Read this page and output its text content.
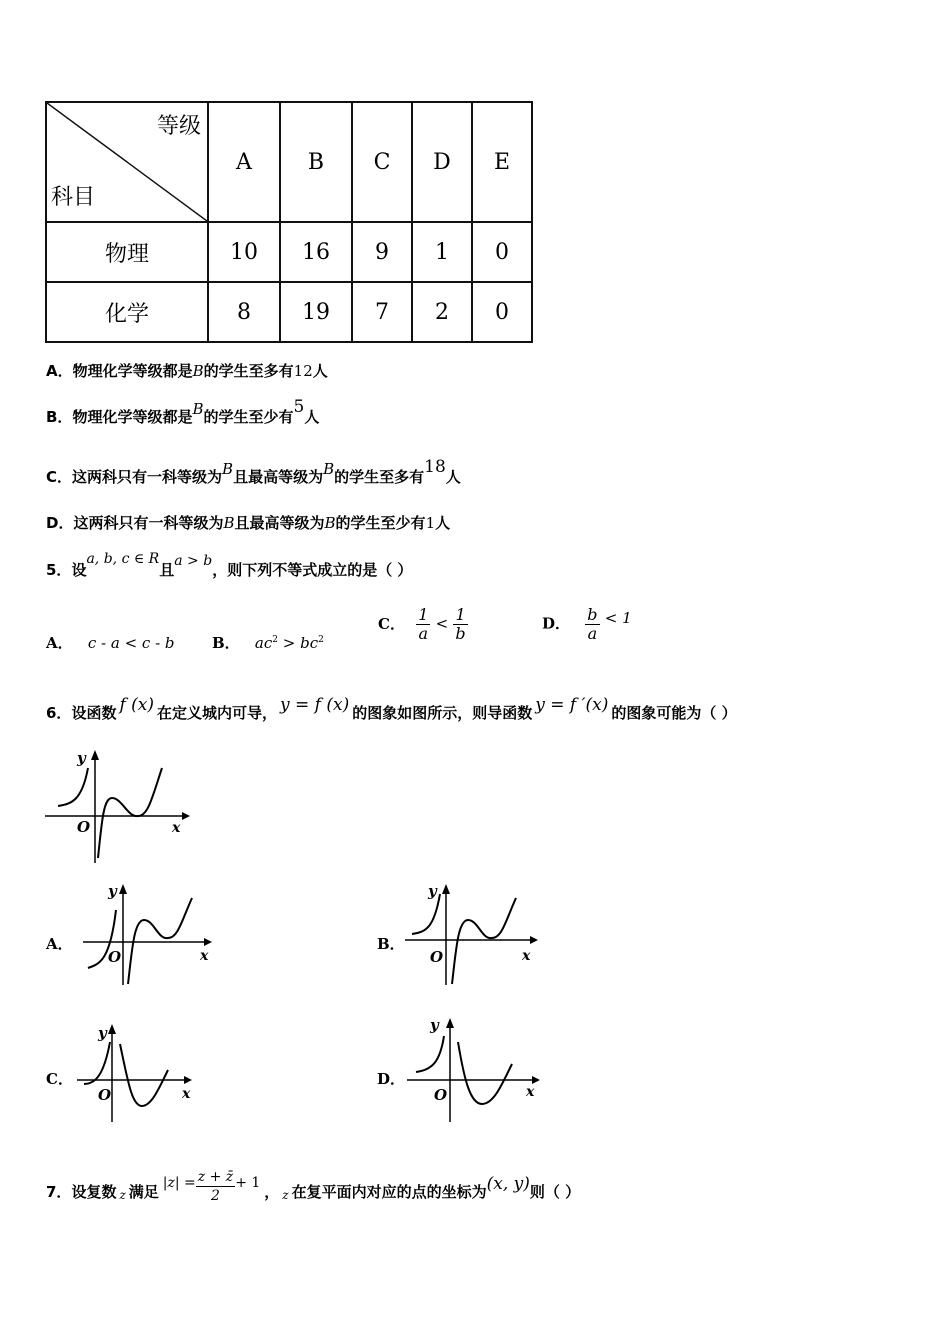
等级
科目	A	B	C	D	E
物理	10	16	9	1	0
化学	8	19	7	2	0
A．物理化学等级都是B的学生至多有12人
B．物理化学等级都是B的学生至少有5人
C．这两科只有一科等级为B且最高等级为B的学生至多有18人
D．这两科只有一科等级为B且最高等级为B的学生至少有1人
5．设a, b, c ∈ R且a > b，则下列不等式成立的是（ ）
A． c - a < c - b B． $ac^2 > bc^2$
C． $\frac{1}{a} < \frac{1}{b}$	D． $\frac{b}{a} < 1$
6．设函数 f (x) 在定义城内可导， y = f (x) 的图象如图所示，则导函数 y = f ′(x) 的图象可能为（ ）
y
x
O
A．
y
x
O
B．
y
x
O
C．
y
x
O
D．
y
x
O
7．设复数 $_z$ 满足 $|z| = \frac{z + z̄}{2} + 1$ ， $_z$ 在复平面内对应的点的坐标为(x, y)则（ ）
